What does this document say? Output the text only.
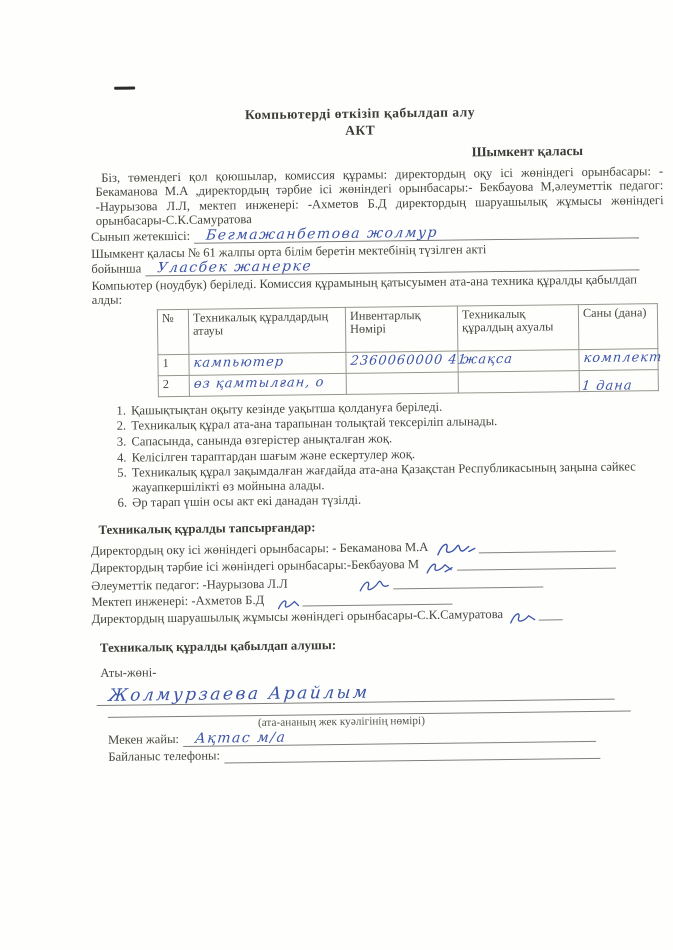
Компьютерді өткізіп қабылдап алу
АКТ
Шымкент қаласы

Біз, төмендегі қол қоюшылар, комиссия құрамы: директордың оқу ісі жөніндегі орынбасары: - Бекаманова М.А ,директордың тәрбие ісі жөніндегі орынбасары:- Бекбауова М,әлеуметтік педагог: -Наурызова Л.Л, мектеп инженері: -Ахметов Б.Д директордың шаруашылық жұмысы жөніндегі орынбасары-С.К.Самуратова

Сынып жетекшісі: Бегмажанбетова жолмур
Шымкент қаласы № 61 жалпы орта білім беретін мектебінің түзілген акті
бойынша Уласбек жанерке

Компьютер (ноудбук) беріледі. Комиссия құрамының қатысуымен ата-ана техника құралды қабылдап алды:

№	Техникалық құралдардың атауы	Инвентарлық Нөмірі	Техникалық құралдың ахуалы	Саны (дана)
1	кампьютер	2360060000 41	жақса	комплект
2	өз қамтылған, о			1 дана
1. Қашықтықтан оқыту кезінде уақытша қолдануға беріледі.
2. Техникалық құрал ата-ана тарапынан толықтай тексеріліп алынады.
3. Сапасында, санында өзгерістер анықталған жоқ.
4. Келісілген тараптардан шағым және ескертулер жоқ.
5. Техникалық құрал зақымдалған жағдайда ата-ана Қазақстан Республикасының заңына сәйкес жауапкершілікті өз мойнына алады.
6. Әр тарап үшін осы акт екі данадан түзілді.

Техникалық құралды тапсырғандар:

Директордың оку ісі жөніндегі орынбасары: - Бекаманова М.А
Директордың тәрбие ісі жөніндегі орынбасары:-Бекбауова М
Әлеуметтік педагог: -Наурызова Л.Л
Мектеп инженері: -Ахметов Б.Д
Директордың шаруашылық жұмысы жөніндегі орынбасары-С.К.Самуратова

Техникалық құралды қабылдап алушы:

Аты-жөні-
Жолмурзаева Арайлым
(ата-ананың жек куәлігінің нөмірі)
Мекен жайы: Ақтас м/а
Байланыс телефоны:
